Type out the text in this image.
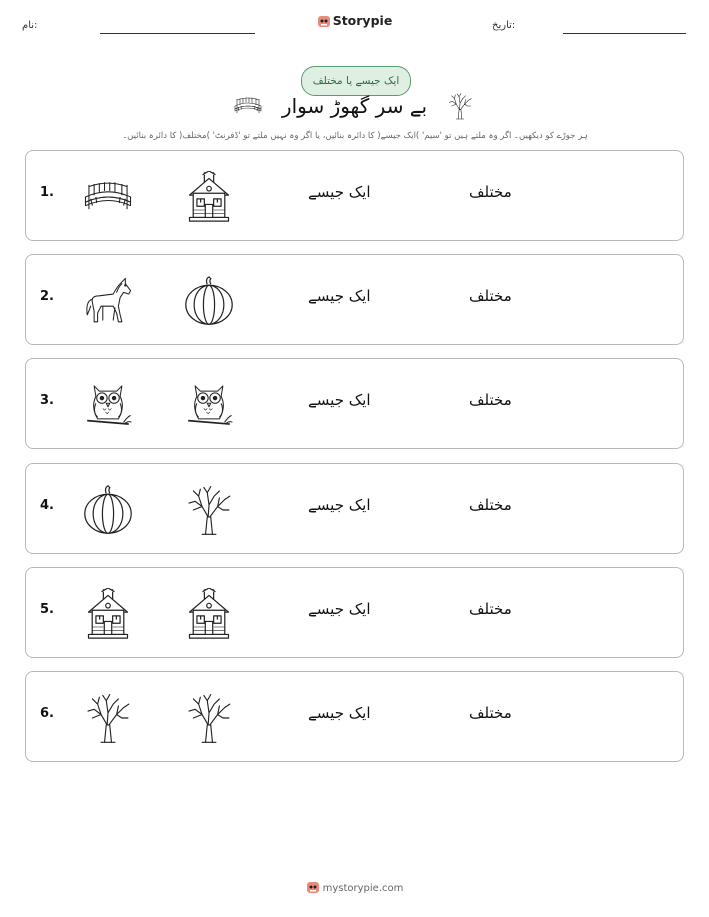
نام:	Storypie	تاریخ:
ایک جیسے یا مختلف
بے سر گھوڑ سوار
ہر جوڑے کو دیکھیں۔ اگر وہ ملتے ہیں تو 'سیم' )ایک جیسے( کا دائرہ بنائیں، یا اگر وہ نہیں ملتے تو 'ڈفرنٹ' )مختلف( کا دائرہ بنائیں۔
1.	ایک جیسے	مختلف
2.	ایک جیسے	مختلف
3.	ایک جیسے	مختلف
4.	ایک جیسے	مختلف
5.	ایک جیسے	مختلف
6.	ایک جیسے	مختلف
mystorypie.com
